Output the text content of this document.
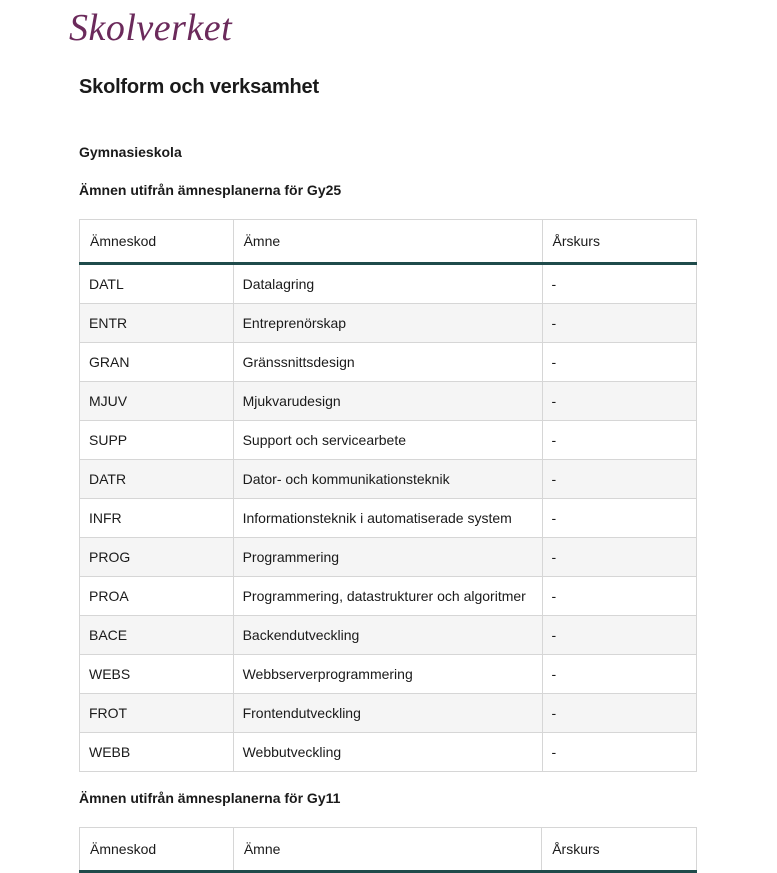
Skolverket
Skolform och verksamhet
Gymnasieskola
Ämnen utifrån ämnesplanerna för Gy25
Ämneskod	Ämne	Årskurs
DATL	Datalagring	-
ENTR	Entreprenörskap	-
GRAN	Gränssnittsdesign	-
MJUV	Mjukvarudesign	-
SUPP	Support och servicearbete	-
DATR	Dator- och kommunikationsteknik	-
INFR	Informationsteknik i automatiserade system	-
PROG	Programmering	-
PROA	Programmering, datastrukturer och algoritmer	-
BACE	Backendutveckling	-
WEBS	Webbserverprogrammering	-
FROT	Frontendutveckling	-
WEBB	Webbutveckling	-
Ämnen utifrån ämnesplanerna för Gy11
Ämneskod	Ämne	Årskurs
